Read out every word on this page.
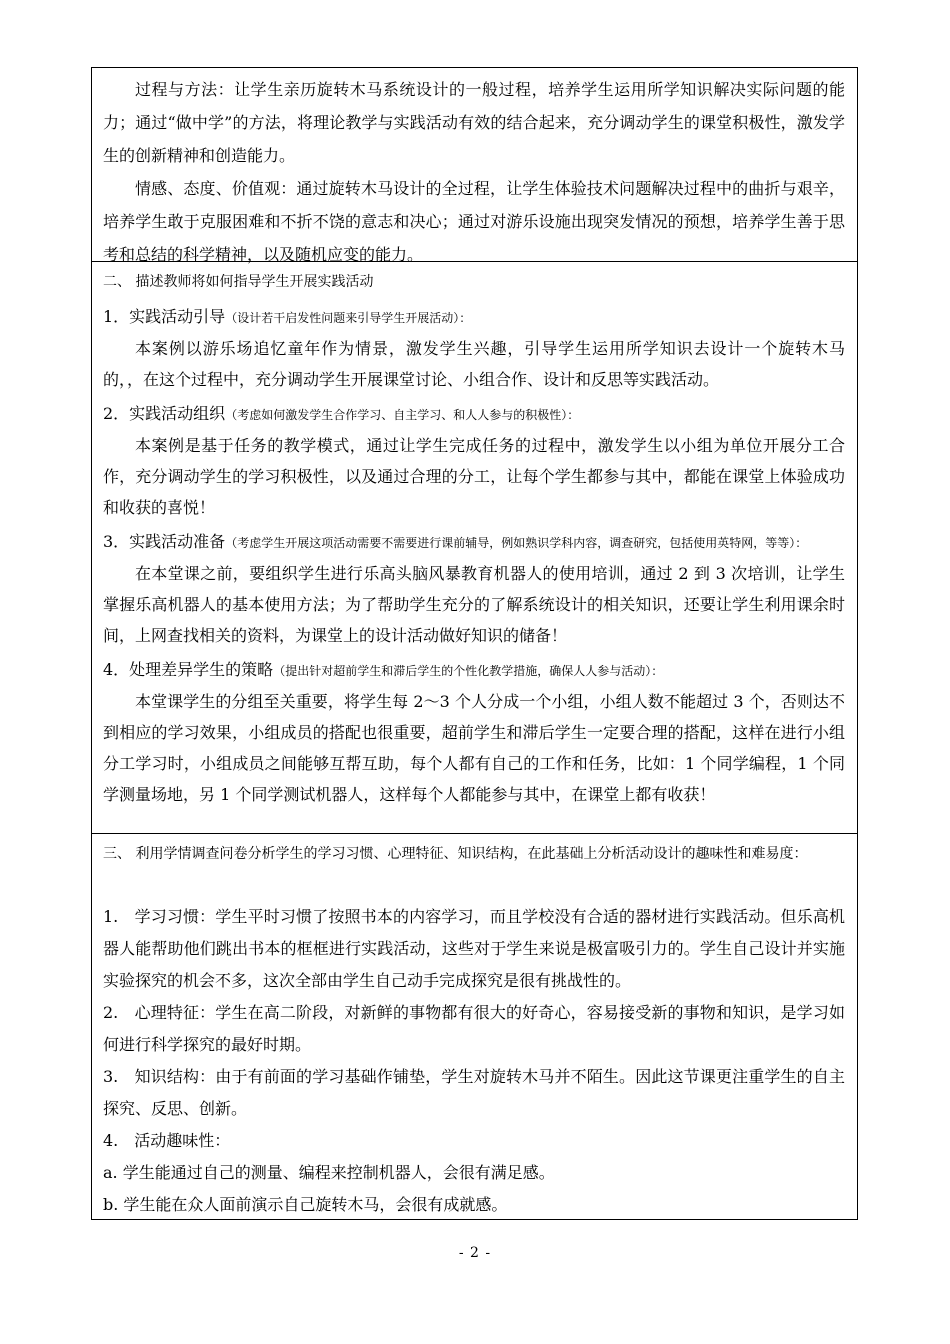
过程与方法：让学生亲历旋转木马系统设计的一般过程，培养学生运用所学知识解决实际问题的能力；通过“做中学”的方法，将理论教学与实践活动有效的结合起来，充分调动学生的课堂积极性，激发学生的创新精神和创造能力。

情感、态度、价值观：通过旋转木马设计的全过程，让学生体验技术问题解决过程中的曲折与艰辛，培养学生敢于克服困难和不折不饶的意志和决心；通过对游乐设施出现突发情况的预想，培养学生善于思考和总结的科学精神，以及随机应变的能力。

二、 描述教师将如何指导学生开展实践活动

1．实践活动引导（设计若干启发性问题来引导学生开展活动）：

本案例以游乐场追忆童年作为情景，激发学生兴趣，引导学生运用所学知识去设计一个旋转木马的，，在这个过程中，充分调动学生开展课堂讨论、小组合作、设计和反思等实践活动。

2．实践活动组织（考虑如何激发学生合作学习、自主学习、和人人参与的积极性）：

本案例是基于任务的教学模式，通过让学生完成任务的过程中，激发学生以小组为单位开展分工合作，充分调动学生的学习积极性，以及通过合理的分工，让每个学生都参与其中，都能在课堂上体验成功和收获的喜悦！

3．实践活动准备（考虑学生开展这项活动需要不需要进行课前辅导，例如熟识学科内容，调查研究，包括使用英特网，等等）：

在本堂课之前，要组织学生进行乐高头脑风暴教育机器人的使用培训，通过 2 到 3 次培训，让学生掌握乐高机器人的基本使用方法；为了帮助学生充分的了解系统设计的相关知识，还要让学生利用课余时间，上网查找相关的资料，为课堂上的设计活动做好知识的储备！

4．处理差异学生的策略（提出针对超前学生和滞后学生的个性化教学措施，确保人人参与活动）：

本堂课学生的分组至关重要，将学生每 2～3 个人分成一个小组，小组人数不能超过 3 个，否则达不到相应的学习效果，小组成员的搭配也很重要，超前学生和滞后学生一定要合理的搭配，这样在进行小组分工学习时，小组成员之间能够互帮互助，每个人都有自己的工作和任务，比如：1 个同学编程，1 个同学测量场地，另 1 个同学测试机器人，这样每个人都能参与其中，在课堂上都有收获！

三、 利用学情调查问卷分析学生的学习习惯、心理特征、知识结构，在此基础上分析活动设计的趣味性和难易度：

1.　学习习惯：学生平时习惯了按照书本的内容学习，而且学校没有合适的器材进行实践活动。但乐高机器人能帮助他们跳出书本的框框进行实践活动，这些对于学生来说是极富吸引力的。学生自己设计并实施实验探究的机会不多，这次全部由学生自己动手完成探究是很有挑战性的。

2.　心理特征：学生在高二阶段，对新鲜的事物都有很大的好奇心，容易接受新的事物和知识，是学习如何进行科学探究的最好时期。

3.　知识结构：由于有前面的学习基础作铺垫，学生对旋转木马并不陌生。因此这节课更注重学生的自主探究、反思、创新。

4.　活动趣味性：

a. 学生能通过自己的测量、编程来控制机器人，会很有满足感。

b. 学生能在众人面前演示自己旋转木马，会很有成就感。

- 2 -
